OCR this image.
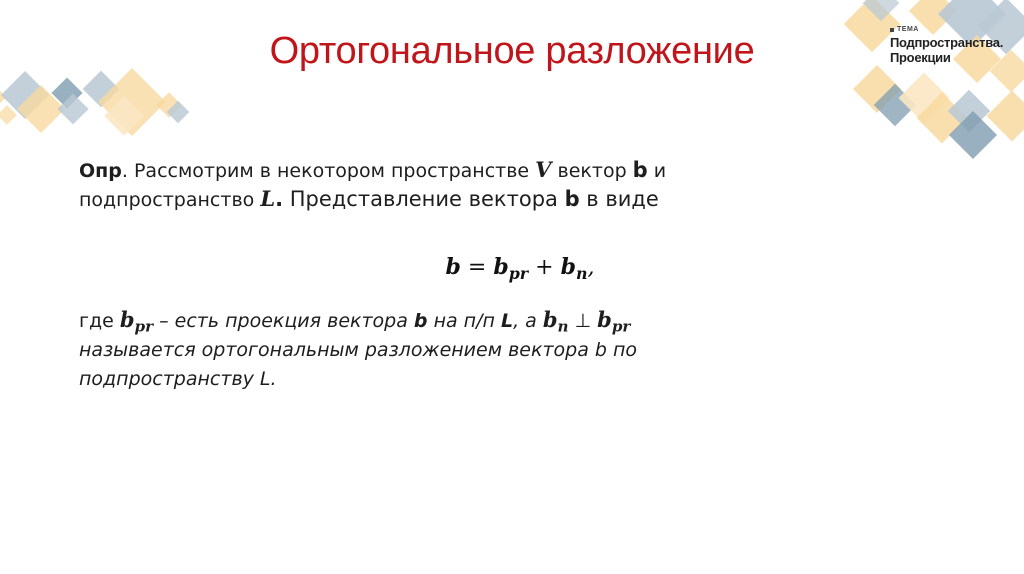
Ортогональное разложение
ТЕМА
Подпространства.
Проекции
Опр. Рассмотрим в некотором пространстве V вектор b и
подпространство L. Представление вектора b в виде
$b = b_{pr} + b_n$,
где $b_{pr}$ – есть проекция вектора b на п/п L, а $b_n$ ⊥ $b_{pr}$
называется ортогональным разложением вектора b по
подпространству L.
